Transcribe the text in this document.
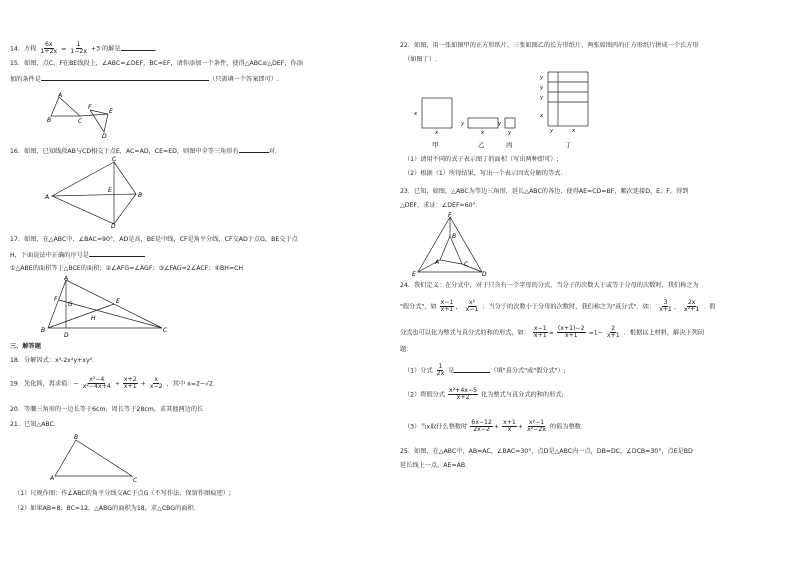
14．方程 $\frac{6x}{1+2x} = \frac{1}{1-2x} +3$ 的解是	.
15．如图，点C，F在BE线段上，∠ABC=∠DEF，BC=EF，请你添加一个条件，使得△ABC≌△DEF，你添
加的条件是	（只需填一个答案即可）.
A
B	C
F
E
D
16．如图，已知线段AB与CD相交于点E，AC=AD，CE=ED，则图中全等三角形有	对.
C
A
E
B
D
17．如图，在△ABC中，∠BAC=90°，AD是高，BE是中线，CF是角平分线，CF交AD于点G，BE交于点
H，下面说法中正确的序号是
①△ABE的面积等于△BCE的面积；②∠AFG=∠AGF；③∠FAG=2∠ACF；④BH=CH
A
F
G
H
E
B
D
C
三、解答题
18．分解因式：x³-2x²y+xy².
19．先化简，再求值：− $\frac{\text{x²−4}}{\text{x²−4x+4}} \div \frac{x+2}{x+1} + \frac{x}{x-2}$ ，其中 x=2−√2．
20．等腰三角形的一边长等于6cm，周长等于28cm，求其他两边的长
21．已知△ABC.
B
A	C
（1）尺规作图：作∠ABC的角平分线交AC于点G（不写作法，保留作图痕迹）;
（2）如果AB=8，BC=12，△ABG的面积为18，求△CBG的面积.
22．如图，用一张如图甲的正方形纸片、三张如图乙的长方形纸片、两张如图丙的正方形纸片拼成一个长方形
（如图丁）.
x
x
y
x
y
y
y
y
y
x
y	x
甲	乙	丙	丁
（1）请用不同的式子表示图丁的面积（写出两种即可）;
（2）根据（1）所得结果，写出一个表示因式分解的等式.
23．已知，如图，△ABC为等边三角形，延长△ABC的各边，使得AE=CD=BF，顺次连接D，E，F，得到
△DEF，求证：∠DEF=60°.
F
B
A	C
E	D
24．我们定义：在分式中，对于只含有一个字母的分式，当分子的次数大于或等于分母的次数时，我们称之为
"假分式"，如 $\frac{x-1}{x+1}$ ， $\frac{\text{x²}}{x-1}$ ；当分子的次数小于分母的次数时，我们称之为"真分式"．如： $\frac{3}{x+1}$ ， $\frac{2x}{\text{x²+1}}$ ．假
分式也可以化为整式与真分式的和的形式，如： $\frac{x-1}{x+1} = \frac{(x+1)-2}{x+1} =1- \frac{2}{x+1}$ ．根据以上材料，解决下列问
题：
（1）分式 $\frac{1}{2x}$ 是	（填"真分式"或"假分式"）;
（2）将假分式 $\frac{\text{x²+4x−5}}{x+2}$ 化为整式与真分式的和的形式;
（3）当x取什么整数时 $\frac{6x-12}{2x-2} + \frac{x+1}{x} + \frac{\text{x²−1}}{\text{x²−2x}}$ 的值为整数.
25．如图，在△ABC中，AB=AC，∠BAC=30°，点D是△ABC内一点，DB=DC，∠DCB=30°，点E是BD
延长线上一点，AE=AB.
